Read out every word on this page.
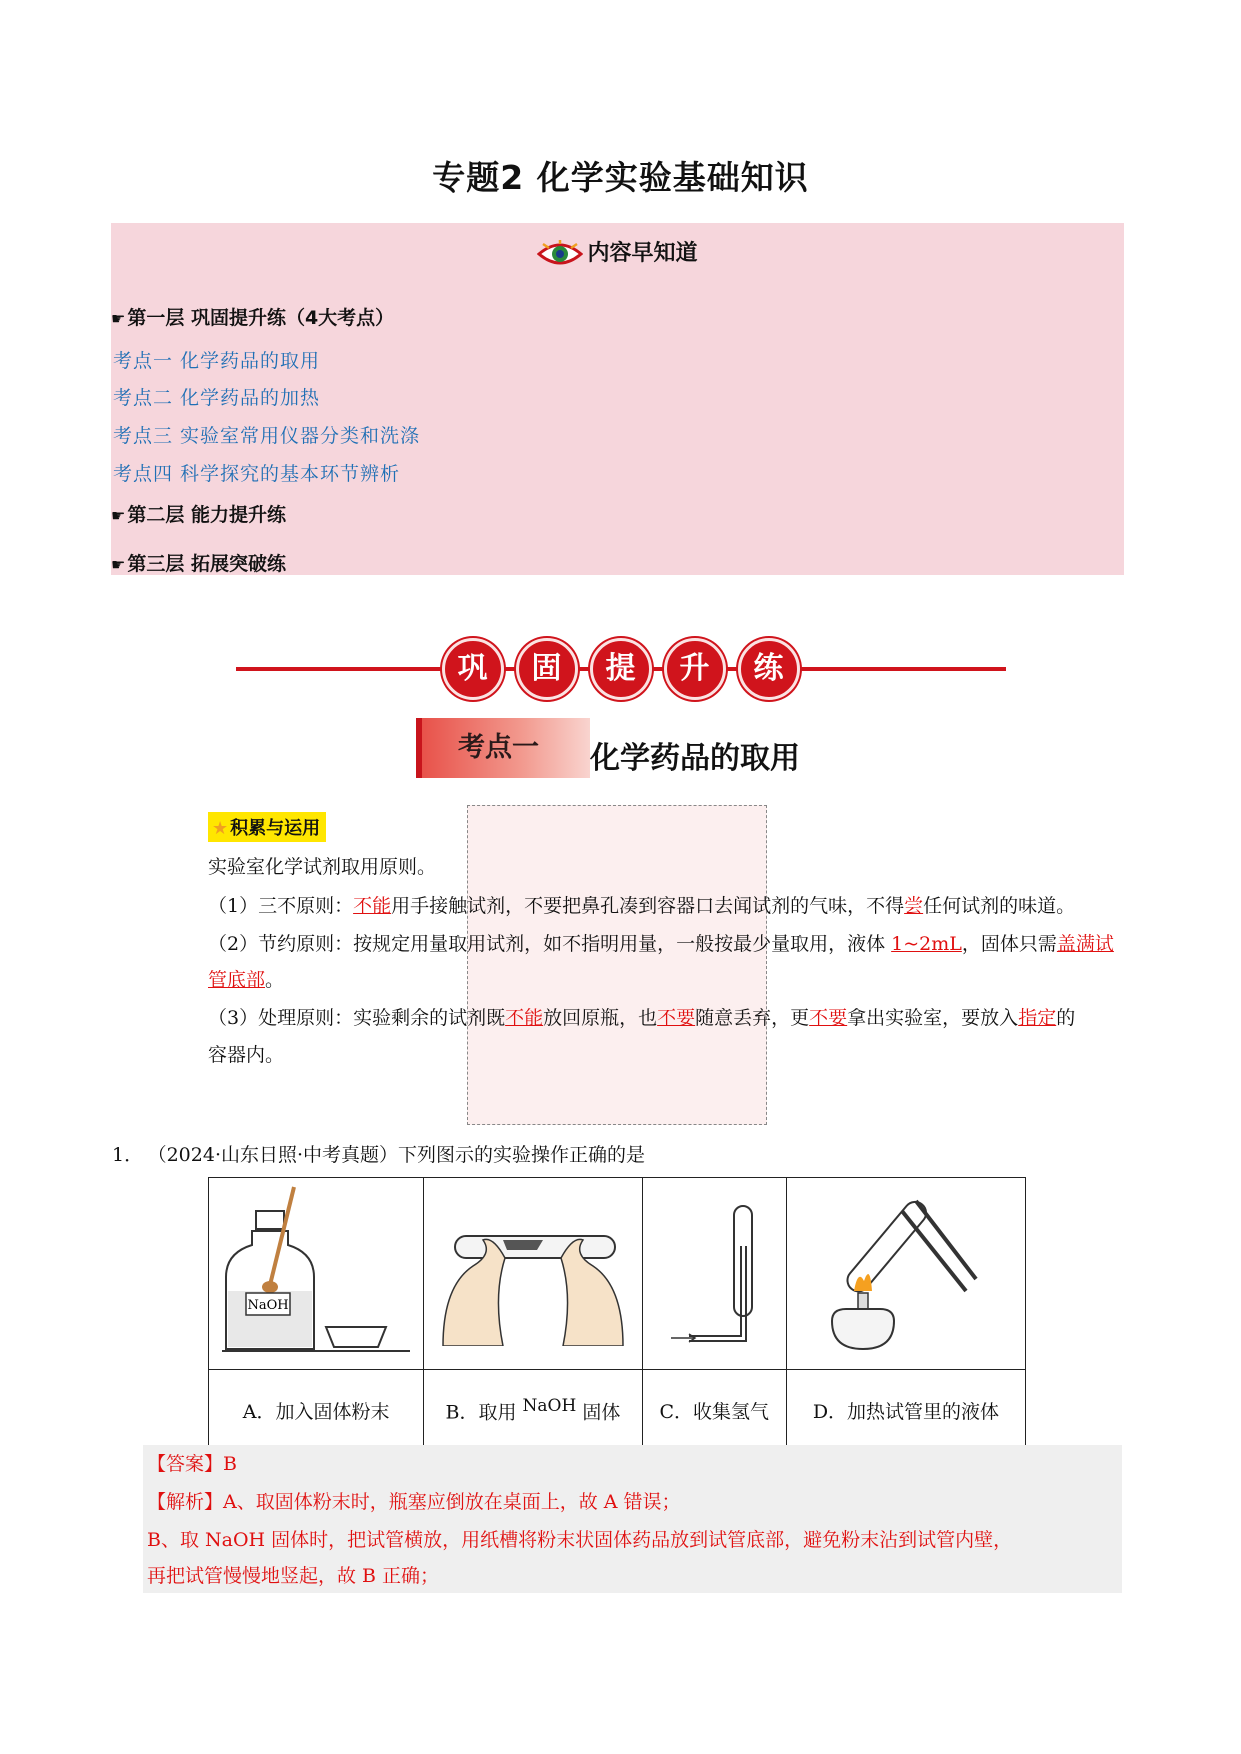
专题2 化学实验基础知识
内容早知道
☛ 第一层 巩固提升练（4大考点）
考点一 化学药品的取用
考点二 化学药品的加热
考点三 实验室常用仪器分类和洗涤
考点四 科学探究的基本环节辨析
☛ 第二层 能力提升练
☛ 第三层 拓展突破练
巩 固 提 升 练
考点一	化学药品的取用
★ 积累与运用
实验室化学试剂取用原则。
（1）三不原则：不能用手接触试剂，不要把鼻孔凑到容器口去闻试剂的气味，不得尝任何试剂的味道。
（2）节约原则：按规定用量取用试剂，如不指明用量，一般按最少量取用，液体 1~2mL，固体只需盖满试
管底部。
（3）处理原则：实验剩余的试剂既不能放回原瓶，也不要随意丢弃，更不要拿出实验室，要放入指定的
容器内。
1． （2024·山东日照·中考真题）下列图示的实验操作正确的是
NaOH

A．加入固体粉末	B．取用 $^{NaOH}$ 固体	C．收集氢气	D．加热试管里的液体
【答案】B
【解析】A、取固体粉末时，瓶塞应倒放在桌面上，故 A 错误；
B、取 NaOH 固体时，把试管横放，用纸槽将粉末状固体药品放到试管底部，避免粉末沾到试管内壁，
再把试管慢慢地竖起，故 B 正确；
